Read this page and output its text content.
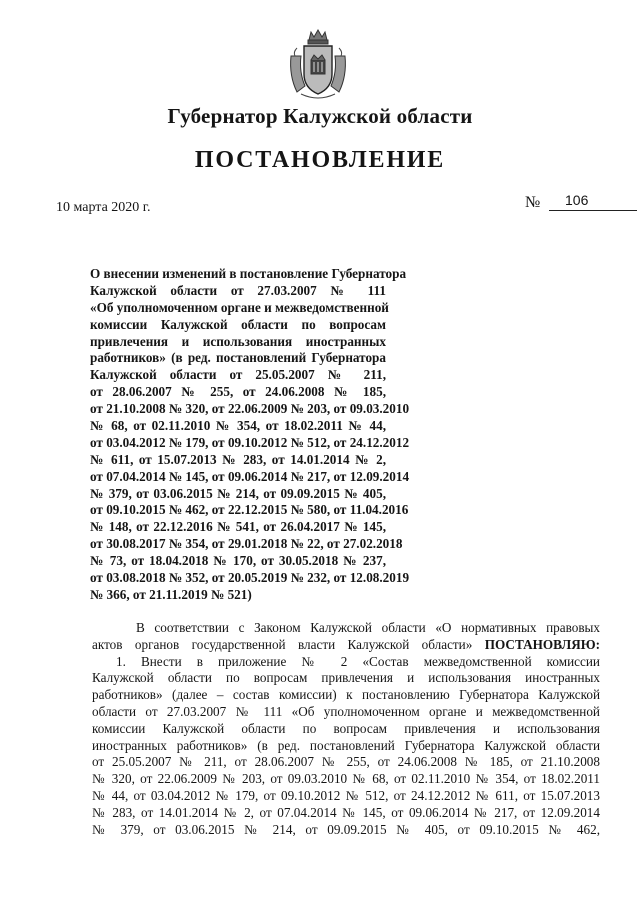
Губернатор Калужской области
ПОСТАНОВЛЕНИЕ
10 марта 2020 г.	№ 106
О внесении изменений в постановление Губернатора
Калужской области от 27.03.2007 № 111
«Об уполномоченном органе и межведомственной
комиссии Калужской области по вопросам
привлечения и использования иностранных
работников» (в ред. постановлений Губернатора
Калужской области от 25.05.2007 № 211,
от 28.06.2007 № 255, от 24.06.2008 № 185,
от 21.10.2008 № 320, от 22.06.2009 № 203, от 09.03.2010
№ 68, от 02.11.2010 № 354, от 18.02.2011 № 44,
от 03.04.2012 № 179, от 09.10.2012 № 512, от 24.12.2012
№ 611, от 15.07.2013 № 283, от 14.01.2014 № 2,
от 07.04.2014 № 145, от 09.06.2014 № 217, от 12.09.2014
№ 379, от 03.06.2015 № 214, от 09.09.2015 № 405,
от 09.10.2015 № 462, от 22.12.2015 № 580, от 11.04.2016
№ 148, от 22.12.2016 № 541, от 26.04.2017 № 145,
от 30.08.2017 № 354, от 29.01.2018 № 22, от 27.02.2018
№ 73, от 18.04.2018 № 170, от 30.05.2018 № 237,
от 03.08.2018 № 352, от 20.05.2019 № 232, от 12.08.2019
№ 366, от 21.11.2019 № 521)
В соответствии с Законом Калужской области «О нормативных правовых
актов органов государственной власти Калужской области» ПОСТАНОВЛЯЮ:
1. Внести в приложение № 2 «Состав межведомственной комиссии
Калужской области по вопросам привлечения и использования иностранных
работников» (далее – состав комиссии) к постановлению Губернатора Калужской
области от 27.03.2007 № 111 «Об уполномоченном органе и межведомственной
комиссии Калужской области по вопросам привлечения и использования
иностранных работников» (в ред. постановлений Губернатора Калужской области
от 25.05.2007 № 211, от 28.06.2007 № 255, от 24.06.2008 № 185, от 21.10.2008
№ 320, от 22.06.2009 № 203, от 09.03.2010 № 68, от 02.11.2010 № 354, от 18.02.2011
№ 44, от 03.04.2012 № 179, от 09.10.2012 № 512, от 24.12.2012 № 611, от 15.07.2013
№ 283, от 14.01.2014 № 2, от 07.04.2014 № 145, от 09.06.2014 № 217, от 12.09.2014
№ 379, от 03.06.2015 № 214, от 09.09.2015 № 405, от 09.10.2015 № 462,
